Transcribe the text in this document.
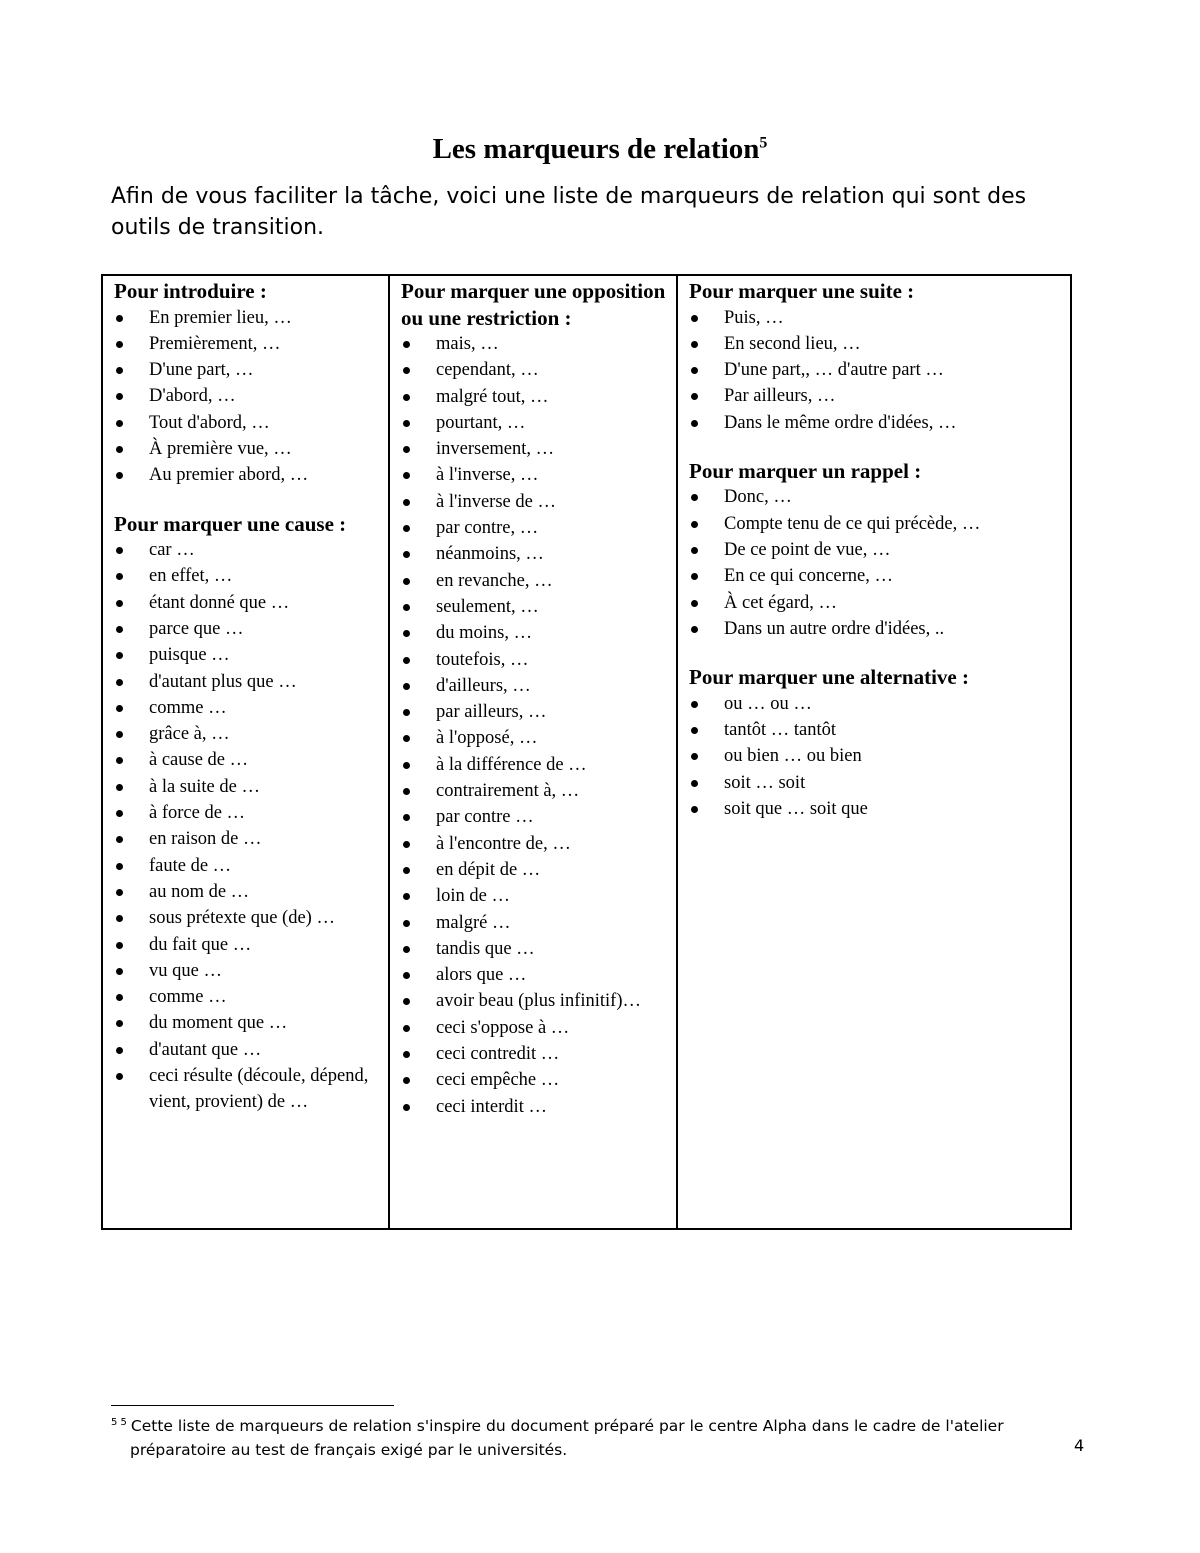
Les marqueurs de relation$^5$
Afin de vous faciliter la tâche, voici une liste de marqueurs de relation qui sont des
outils de transition.
Pour introduire :
En premier lieu, …
Premièrement, …
D'une part, …
D'abord, …
Tout d'abord, …
À première vue, …
Au premier abord, …
Pour marquer une cause :
car …
en effet, …
étant donné que …
parce que …
puisque …
d'autant plus que …
comme …
grâce à, …
à cause de …
à la suite de …
à force de …
en raison de …
faute de …
au nom de …
sous prétexte que (de) …
du fait que …
vu que …
comme …
du moment que …
d'autant que …
ceci résulte (découle, dépend, vient, provient) de …

Pour marquer une opposition ou une restriction :
mais, …
cependant, …
malgré tout, …
pourtant, …
inversement, …
à l'inverse, …
à l'inverse de …
par contre, …
néanmoins, …
en revanche, …
seulement, …
du moins, …
toutefois, …
d'ailleurs, …
par ailleurs, …
à l'opposé, …
à la différence de …
contrairement à, …
par contre …
à l'encontre de, …
en dépit de …
loin de …
malgré …
tandis que …
alors que …
avoir beau (plus infinitif)…
ceci s'oppose à …
ceci contredit …
ceci empêche …
ceci interdit …

Pour marquer une suite :
Puis, …
En second lieu, …
D'une part,, … d'autre part …
Par ailleurs, …
Dans le même ordre d'idées, …
Pour marquer un rappel :
Donc, …
Compte tenu de ce qui précède, …
De ce point de vue, …
En ce qui concerne, …
À cet égard, …
Dans un autre ordre d'idées, ..
Pour marquer une alternative :
ou … ou …
tantôt … tantôt
ou bien … ou bien
soit … soit
soit que … soit que
$^{5 5}$ Cette liste de marqueurs de relation s'inspire du document préparé par le centre Alpha dans le cadre de l'atelier
préparatoire au test de français exigé par le universités.	4
